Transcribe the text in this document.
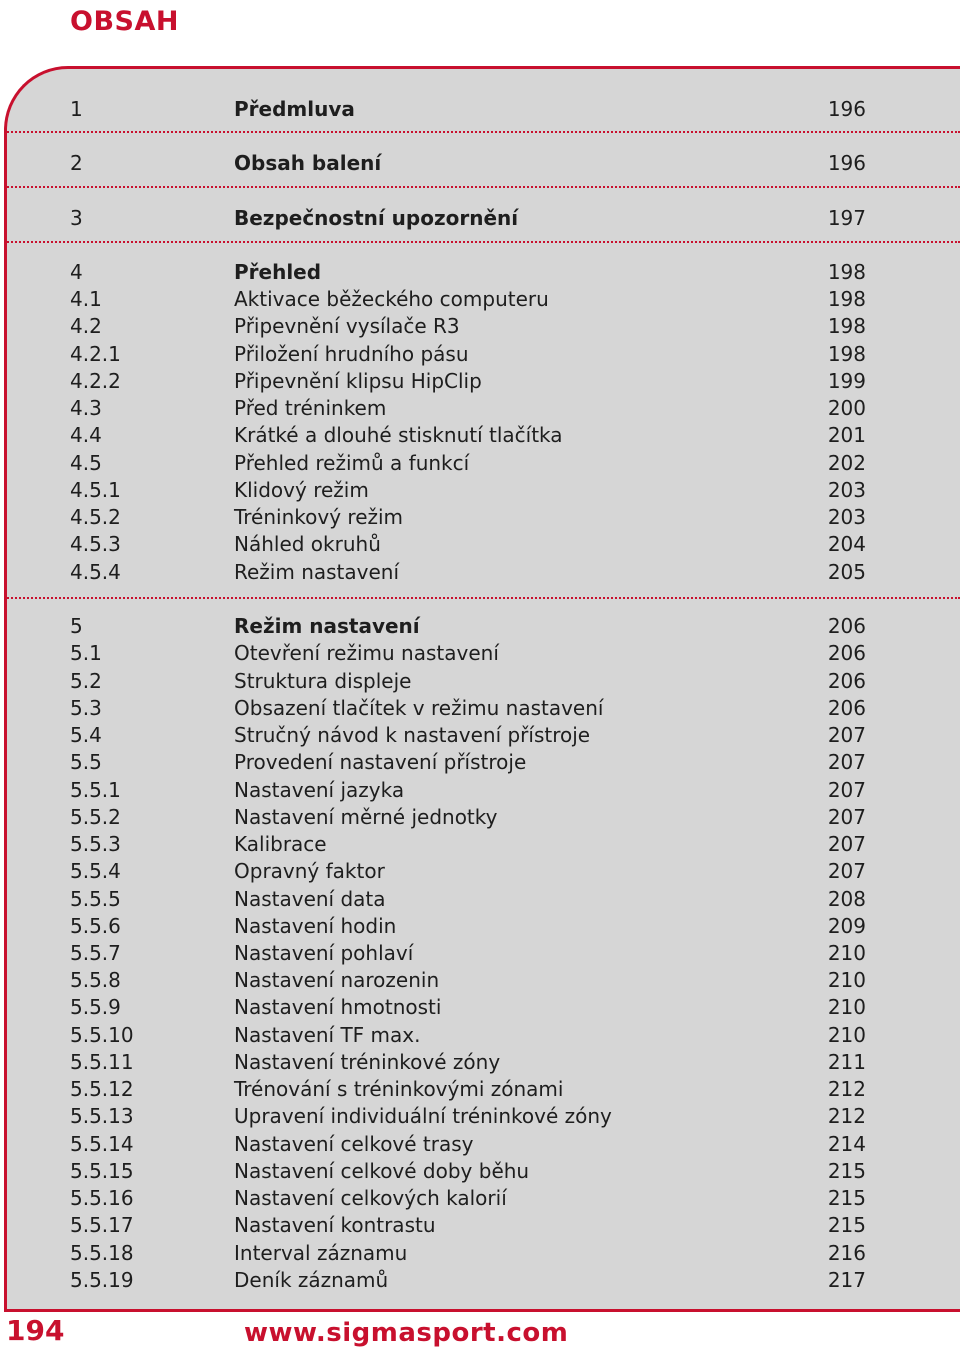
OBSAH
1	Předmluva	196
2	Obsah balení	196
3	Bezpečnostní upozornění	197
4	Přehled	198
4.1	Aktivace běžeckého computeru	198
4.2	Připevnění vysílače R3	198
4.2.1	Přiložení hrudního pásu	198
4.2.2	Připevnění klipsu HipClip	199
4.3	Před tréninkem	200
4.4	Krátké a dlouhé stisknutí tlačítka	201
4.5	Přehled režimů a funkcí	202
4.5.1	Klidový režim	203
4.5.2	Tréninkový režim	203
4.5.3	Náhled okruhů	204
4.5.4	Režim nastavení	205
5	Režim nastavení	206
5.1	Otevření režimu nastavení	206
5.2	Struktura displeje	206
5.3	Obsazení tlačítek v režimu nastavení	206
5.4	Stručný návod k nastavení přístroje	207
5.5	Provedení nastavení přístroje	207
5.5.1	Nastavení jazyka	207
5.5.2	Nastavení měrné jednotky	207
5.5.3	Kalibrace	207
5.5.4	Opravný faktor	207
5.5.5	Nastavení data	208
5.5.6	Nastavení hodin	209
5.5.7	Nastavení pohlaví	210
5.5.8	Nastavení narozenin	210
5.5.9	Nastavení hmotnosti	210
5.5.10	Nastavení TF max.	210
5.5.11	Nastavení tréninkové zóny	211
5.5.12	Trénování s tréninkovými zónami	212
5.5.13	Upravení individuální tréninkové zóny	212
5.5.14	Nastavení celkové trasy	214
5.5.15	Nastavení celkové doby běhu	215
5.5.16	Nastavení celkových kalorií	215
5.5.17	Nastavení kontrastu	215
5.5.18	Interval záznamu	216
5.5.19	Deník záznamů	217
194	www.sigmasport.com
